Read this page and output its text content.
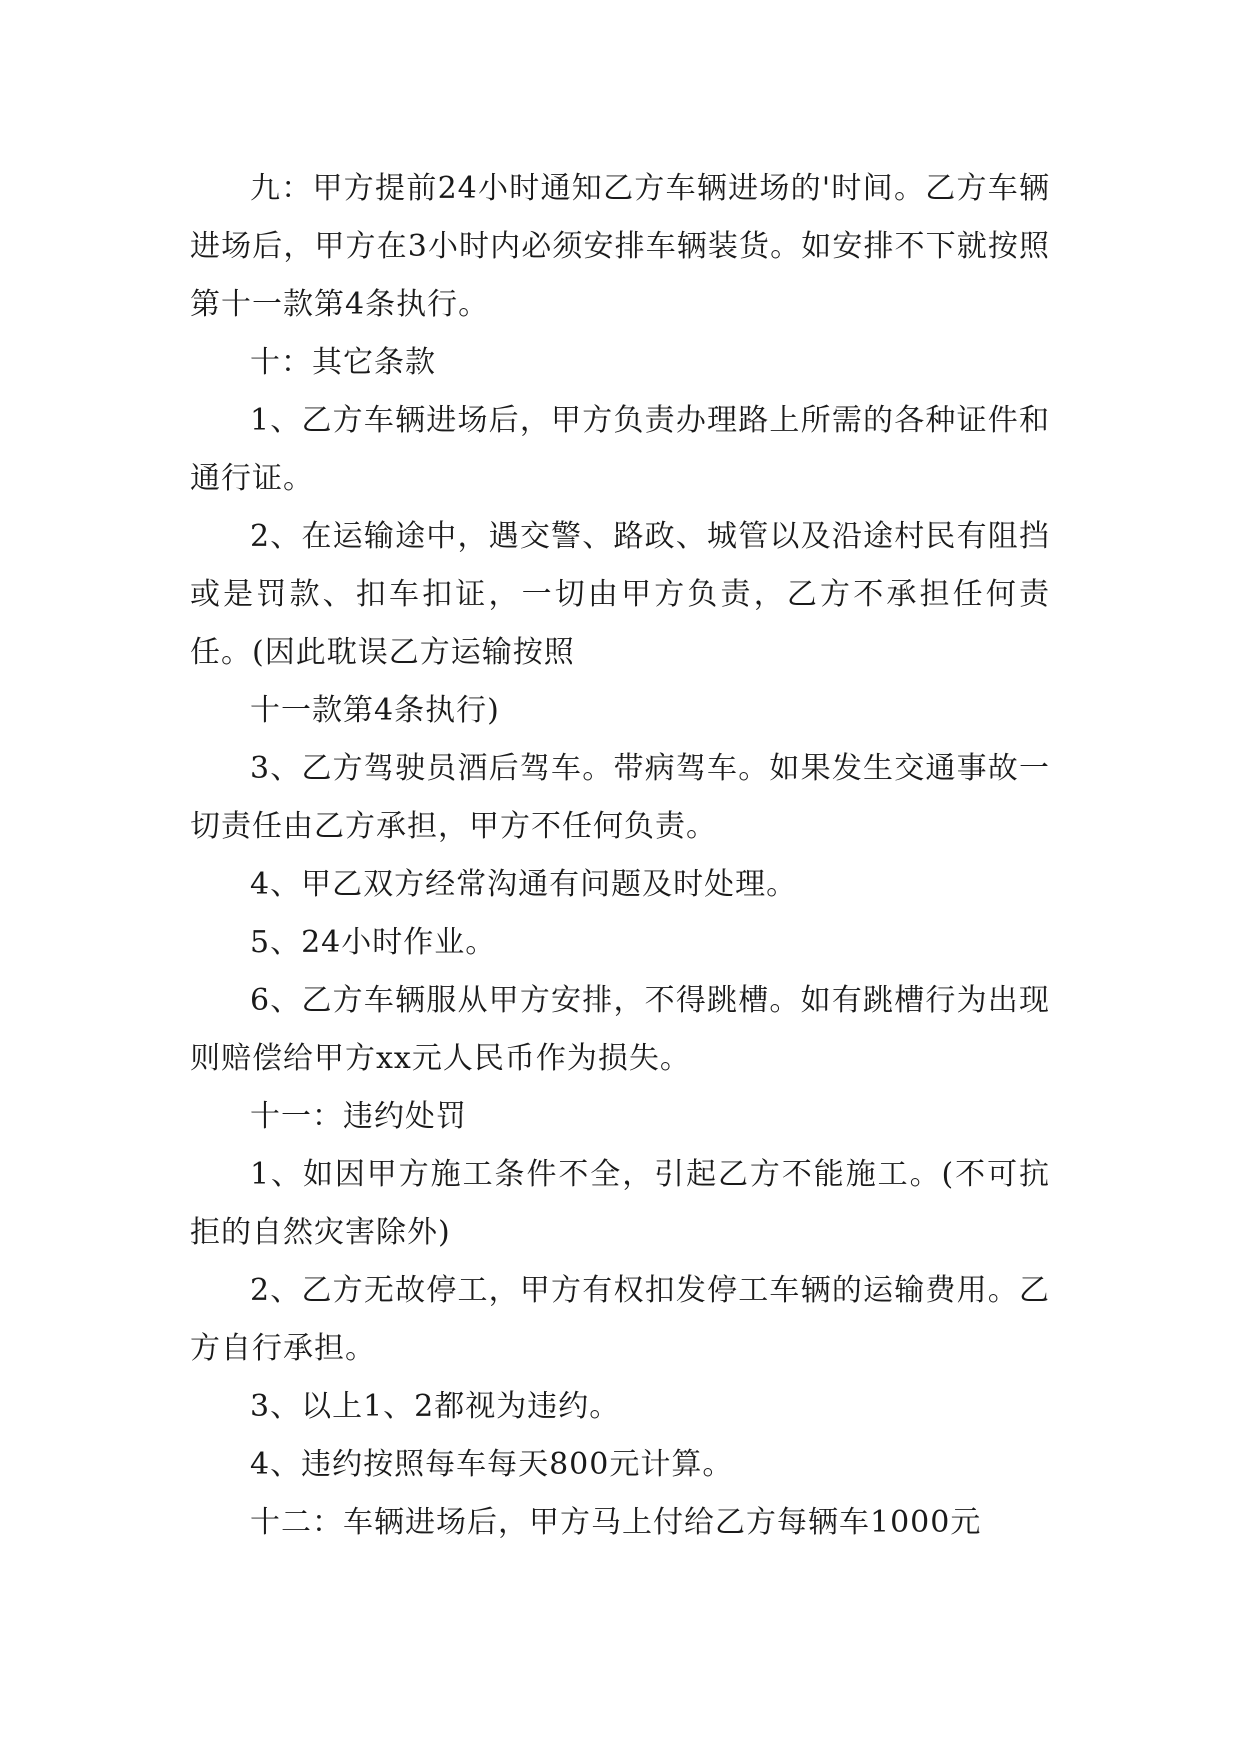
九：甲方提前24小时通知乙方车辆进场的'时间。乙方车辆进场后，甲方在3小时内必须安排车辆装货。如安排不下就按照第十一款第4条执行。

十：其它条款

1、乙方车辆进场后，甲方负责办理路上所需的各种证件和通行证。

2、在运输途中，遇交警、路政、城管以及沿途村民有阻挡或是罚款、扣车扣证，一切由甲方负责，乙方不承担任何责任。(因此耽误乙方运输按照

十一款第4条执行)

3、乙方驾驶员酒后驾车。带病驾车。如果发生交通事故一切责任由乙方承担，甲方不任何负责。

4、甲乙双方经常沟通有问题及时处理。

5、24小时作业。

6、乙方车辆服从甲方安排，不得跳槽。如有跳槽行为出现则赔偿给甲方xx元人民币作为损失。

十一：违约处罚

1、如因甲方施工条件不全，引起乙方不能施工。(不可抗拒的自然灾害除外)

2、乙方无故停工，甲方有权扣发停工车辆的运输费用。乙方自行承担。

3、以上1、2都视为违约。

4、违约按照每车每天800元计算。

十二：车辆进场后，甲方马上付给乙方每辆车1000元
